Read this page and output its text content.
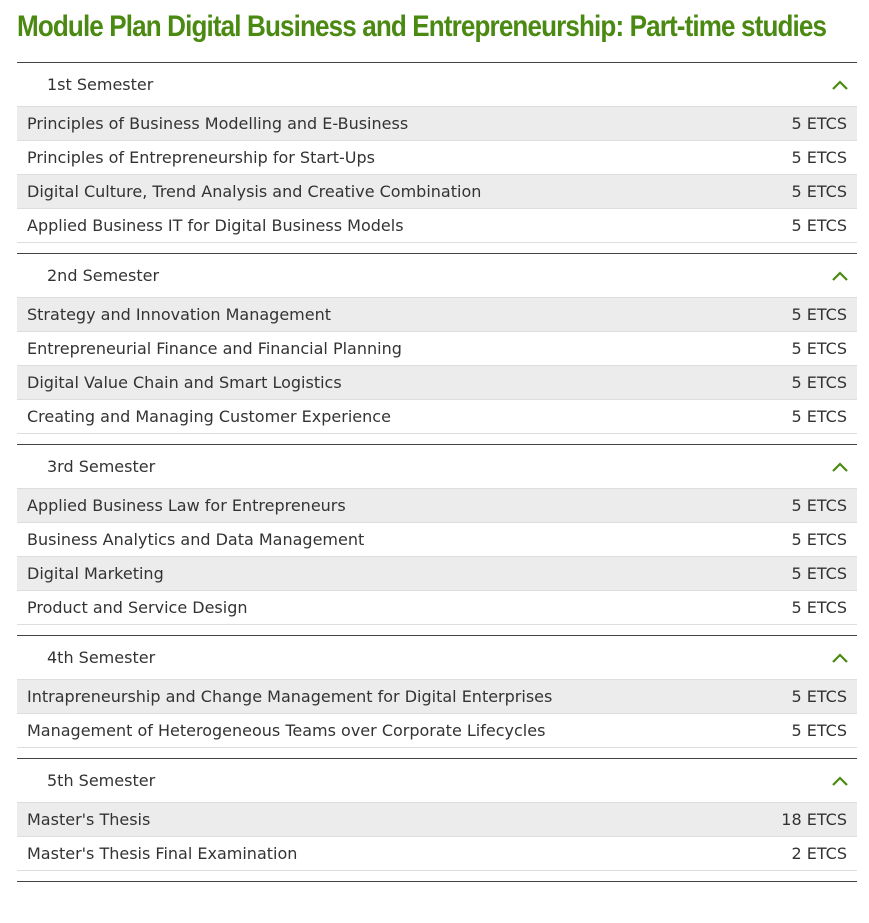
Module Plan Digital Business and Entrepreneurship: Part-time studies
1st Semester
Principles of Business Modelling and E-Business	5 ETCS
Principles of Entrepreneurship for Start-Ups	5 ETCS
Digital Culture, Trend Analysis and Creative Combination	5 ETCS
Applied Business IT for Digital Business Models	5 ETCS
2nd Semester
Strategy and Innovation Management	5 ETCS
Entrepreneurial Finance and Financial Planning	5 ETCS
Digital Value Chain and Smart Logistics	5 ETCS
Creating and Managing Customer Experience	5 ETCS
3rd Semester
Applied Business Law for Entrepreneurs	5 ETCS
Business Analytics and Data Management	5 ETCS
Digital Marketing	5 ETCS
Product and Service Design	5 ETCS
4th Semester
Intrapreneurship and Change Management for Digital Enterprises	5 ETCS
Management of Heterogeneous Teams over Corporate Lifecycles	5 ETCS
5th Semester
Master's Thesis	18 ETCS
Master's Thesis Final Examination	2 ETCS
